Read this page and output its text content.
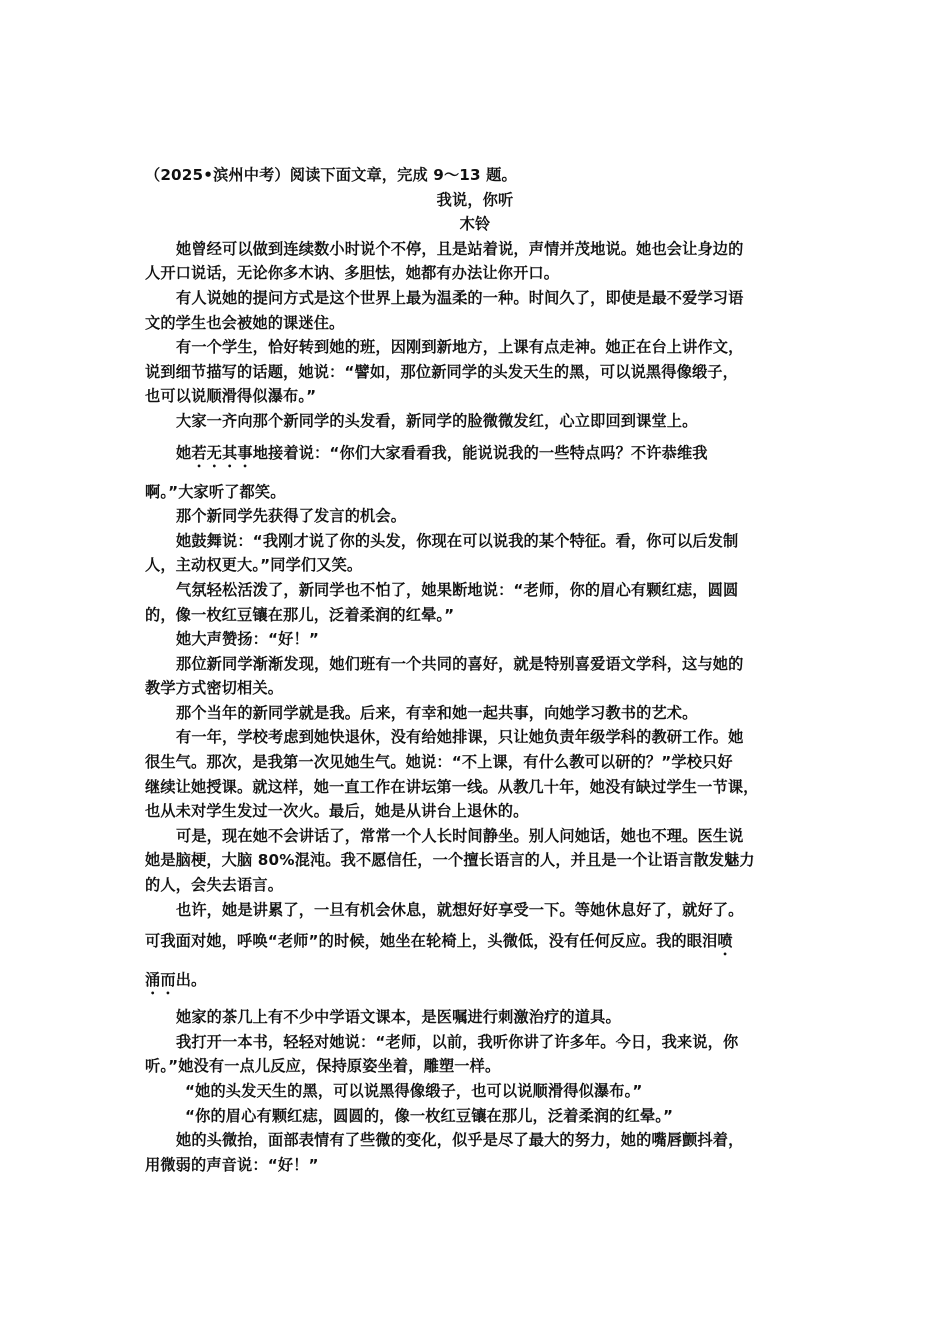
（2025•滨州中考）阅读下面文章，完成 9～13 题。
我说，你听
木铃
她曾经可以做到连续数小时说个不停，且是站着说，声情并茂地说。她也会让身边的
人开口说话，无论你多木讷、多胆怯，她都有办法让你开口。
有人说她的提问方式是这个世界上最为温柔的一种。时间久了，即使是最不爱学习语
文的学生也会被她的课迷住。
有一个学生，恰好转到她的班，因刚到新地方，上课有点走神。她正在台上讲作文，
说到细节描写的话题，她说：“譬如，那位新同学的头发天生的黑，可以说黑得像缎子，
也可以说顺滑得似瀑布。”
大家一齐向那个新同学的头发看，新同学的脸微微发红，心立即回到课堂上。
她若无其事地接着说：“你们大家看看我，能说说我的一些特点吗？不许恭维我
啊。”大家听了都笑。
那个新同学先获得了发言的机会。
她鼓舞说：“我刚才说了你的头发，你现在可以说我的某个特征。看，你可以后发制
人，主动权更大。”同学们又笑。
气氛轻松活泼了，新同学也不怕了，她果断地说：“老师，你的眉心有颗红痣，圆圆
的，像一枚红豆镶在那儿，泛着柔润的红晕。”
她大声赞扬：“好！”
那位新同学渐渐发现，她们班有一个共同的喜好，就是特别喜爱语文学科，这与她的
教学方式密切相关。
那个当年的新同学就是我。后来，有幸和她一起共事，向她学习教书的艺术。
有一年，学校考虑到她快退休，没有给她排课，只让她负责年级学科的教研工作。她
很生气。那次，是我第一次见她生气。她说：“不上课，有什么教可以研的？”学校只好
继续让她授课。就这样，她一直工作在讲坛第一线。从教几十年，她没有缺过学生一节课，
也从未对学生发过一次火。最后，她是从讲台上退休的。
可是，现在她不会讲话了，常常一个人长时间静坐。别人问她话，她也不理。医生说
她是脑梗，大脑 80%混沌。我不愿信任，一个擅长语言的人，并且是一个让语言散发魅力
的人，会失去语言。
也许，她是讲累了，一旦有机会休息，就想好好享受一下。等她休息好了，就好了。
可我面对她，呼唤“老师”的时候，她坐在轮椅上，头微低，没有任何反应。我的眼泪喷
涌而出。
她家的茶几上有不少中学语文课本，是医嘱进行刺激治疗的道具。
我打开一本书，轻轻对她说：“老师，以前，我听你讲了许多年。今日，我来说，你
听。”她没有一点儿反应，保持原姿坐着，雕塑一样。
“她的头发天生的黑，可以说黑得像缎子，也可以说顺滑得似瀑布。”
“你的眉心有颗红痣，圆圆的，像一枚红豆镶在那儿，泛着柔润的红晕。”
她的头微抬，面部表情有了些微的变化，似乎是尽了最大的努力，她的嘴唇颤抖着，
用微弱的声音说：“好！”
